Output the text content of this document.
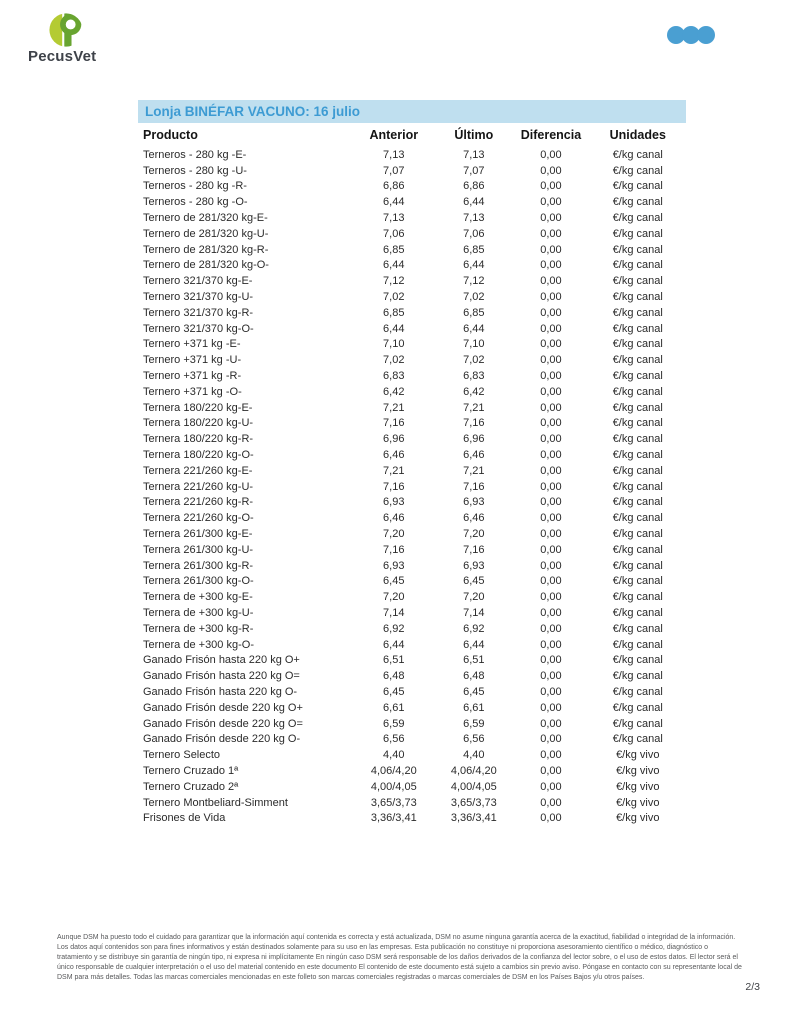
PecusVet
Lonja BINÉFAR VACUNO: 16 julio
Producto	Anterior	Último	Diferencia	Unidades
Terneros - 280 kg -E-	7,13	7,13	0,00	€/kg canal
Terneros - 280 kg -U-	7,07	7,07	0,00	€/kg canal
Terneros - 280 kg -R-	6,86	6,86	0,00	€/kg canal
Terneros - 280 kg -O-	6,44	6,44	0,00	€/kg canal
Ternero de 281/320 kg-E-	7,13	7,13	0,00	€/kg canal
Ternero de 281/320 kg-U-	7,06	7,06	0,00	€/kg canal
Ternero de 281/320 kg-R-	6,85	6,85	0,00	€/kg canal
Ternero de 281/320 kg-O-	6,44	6,44	0,00	€/kg canal
Ternero 321/370 kg-E-	7,12	7,12	0,00	€/kg canal
Ternero 321/370 kg-U-	7,02	7,02	0,00	€/kg canal
Ternero 321/370 kg-R-	6,85	6,85	0,00	€/kg canal
Ternero 321/370 kg-O-	6,44	6,44	0,00	€/kg canal
Ternero +371 kg -E-	7,10	7,10	0,00	€/kg canal
Ternero +371 kg -U-	7,02	7,02	0,00	€/kg canal
Ternero +371 kg -R-	6,83	6,83	0,00	€/kg canal
Ternero +371 kg -O-	6,42	6,42	0,00	€/kg canal
Ternera 180/220 kg-E-	7,21	7,21	0,00	€/kg canal
Ternera 180/220 kg-U-	7,16	7,16	0,00	€/kg canal
Ternera 180/220 kg-R-	6,96	6,96	0,00	€/kg canal
Ternera 180/220 kg-O-	6,46	6,46	0,00	€/kg canal
Ternera 221/260 kg-E-	7,21	7,21	0,00	€/kg canal
Ternera 221/260 kg-U-	7,16	7,16	0,00	€/kg canal
Ternera 221/260 kg-R-	6,93	6,93	0,00	€/kg canal
Ternera 221/260 kg-O-	6,46	6,46	0,00	€/kg canal
Ternera 261/300 kg-E-	7,20	7,20	0,00	€/kg canal
Ternera 261/300 kg-U-	7,16	7,16	0,00	€/kg canal
Ternera 261/300 kg-R-	6,93	6,93	0,00	€/kg canal
Ternera 261/300 kg-O-	6,45	6,45	0,00	€/kg canal
Ternera de +300 kg-E-	7,20	7,20	0,00	€/kg canal
Ternera de +300 kg-U-	7,14	7,14	0,00	€/kg canal
Ternera de +300 kg-R-	6,92	6,92	0,00	€/kg canal
Ternera de +300 kg-O-	6,44	6,44	0,00	€/kg canal
Ganado Frisón hasta 220 kg O+	6,51	6,51	0,00	€/kg canal
Ganado Frisón hasta 220 kg O=	6,48	6,48	0,00	€/kg canal
Ganado Frisón hasta 220 kg O-	6,45	6,45	0,00	€/kg canal
Ganado Frisón desde 220 kg O+	6,61	6,61	0,00	€/kg canal
Ganado Frisón desde 220 kg O=	6,59	6,59	0,00	€/kg canal
Ganado Frisón desde 220 kg O-	6,56	6,56	0,00	€/kg canal
Ternero Selecto	4,40	4,40	0,00	€/kg vivo
Ternero Cruzado 1ª	4,06/4,20	4,06/4,20	0,00	€/kg vivo
Ternero Cruzado 2ª	4,00/4,05	4,00/4,05	0,00	€/kg vivo
Ternero Montbeliard-Simment	3,65/3,73	3,65/3,73	0,00	€/kg vivo
Frisones de Vida	3,36/3,41	3,36/3,41	0,00	€/kg vivo
Aunque DSM ha puesto todo el cuidado para garantizar que la información aquí contenida es correcta y está actualizada, DSM no asume ninguna garantía acerca de la exactitud, fiabilidad o integridad de la información. Los datos aquí contenidos son para fines informativos y están destinados solamente para su uso en las empresas. Esta publicación no constituye ni proporciona asesoramiento científico o médico, diagnóstico o tratamiento y se distribuye sin garantía de ningún tipo, ni expresa ni implícitamente En ningún caso DSM será responsable de los daños derivados de la confianza del lector sobre, o el uso de estos datos. El lector será el único responsable de cualquier interpretación o el uso del material contenido en este documento El contenido de este documento está sujeto a cambios sin previo aviso. Póngase en contacto con su representante local de DSM para más detalles. Todas las marcas comerciales mencionadas en este folleto son marcas comerciales registradas o marcas comerciales de DSM en los Países Bajos y/u otros países.
2/3
